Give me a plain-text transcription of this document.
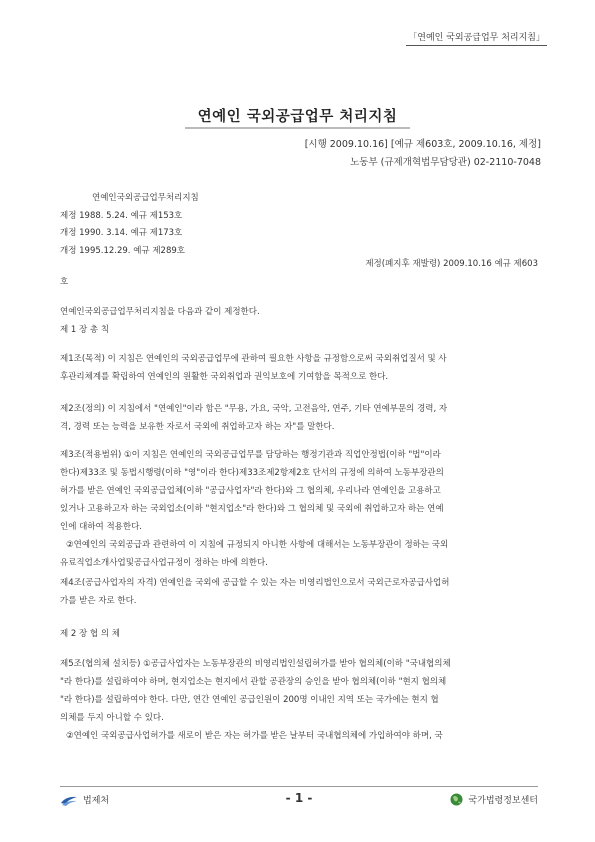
「연예인 국외공급업무 처리지침」
연예인 국외공급업무 처리지침
[시행 2009.10.16] [예규 제603호, 2009.10.16, 제정]
노동부 (규제개혁법무담당관) 02-2110-7048
연예인국외공급업무처리지침
제정 1988. 5.24. 예규 제153호
개정 1990. 3.14. 예규 제173호
개정 1995.12.29. 예규 제289호
제정(폐지후 재발령) 2009.10.16 예규 제603
호
연예인국외공급업무처리지침을 다음과 같이 제정한다.
제 1 장 총 칙
제1조(목적) 이 지침은 연예인의 국외공급업무에 관하여 필요한 사항을 규정함으로써 국외취업질서 및 사
후관리체계를 확립하여 연예인의 원활한 국외취업과 권익보호에 기여함을 목적으로 한다.
제2조(정의) 이 지침에서 "연예인"이라 함은 "무용, 가요, 국악, 고전음악, 연주, 기타 연예부문의 경력, 자
격, 경력 또는 능력을 보유한 자로서 국외에 취업하고자 하는 자"를 말한다.
제3조(적용범위) ①이 지침은 연예인의 국외공급업무를 담당하는 행정기관과 직업안정법(이하 "법"이라
한다)제33조 및 동법시행령(이하 "영"이라 한다)제33조제2항제2호 단서의 규정에 의하여 노동부장관의
허가를 받은 연예인 국외공급업체(이하 "공급사업자"라 한다)와 그 협의체, 우리나라 연예인을 고용하고
있거나 고용하고자 하는 국외업소(이하 "현지업소"라 한다)와 그 협의체 및 국외에 취업하고자 하는 연예
인에 대하여 적용한다.
②연예인의 국외공급과 관련하여 이 지침에 규정되지 아니한 사항에 대해서는 노동부장관이 정하는 국외
유료직업소개사업및공급사업규정이 정하는 바에 의한다.
제4조(공급사업자의 자격) 연예인을 국외에 공급할 수 있는 자는 비영리법인으로서 국외근로자공급사업허
가를 받은 자로 한다.
제 2 장 협 의 체
제5조(협의체 설치등) ①공급사업자는 노동부장관의 비영리법인설립허가를 받아 협의체(이하 "국내협의체
"라 한다)를 설립하여야 하며, 현지업소는 현지에서 관할 공관장의 승인을 받아 협의체(이하 "현지 협의체
"라 한다)를 설립하여야 한다. 다만, 연간 연예인 공급인원이 200명 이내인 지역 또는 국가에는 현지 협
의체를 두지 아니할 수 있다.
②연예인 국외공급사업허가를 새로이 받은 자는 허가를 받은 날부터 국내협의체에 가입하여야 하며, 국
법제처	- 1 -	국가법령정보센터
